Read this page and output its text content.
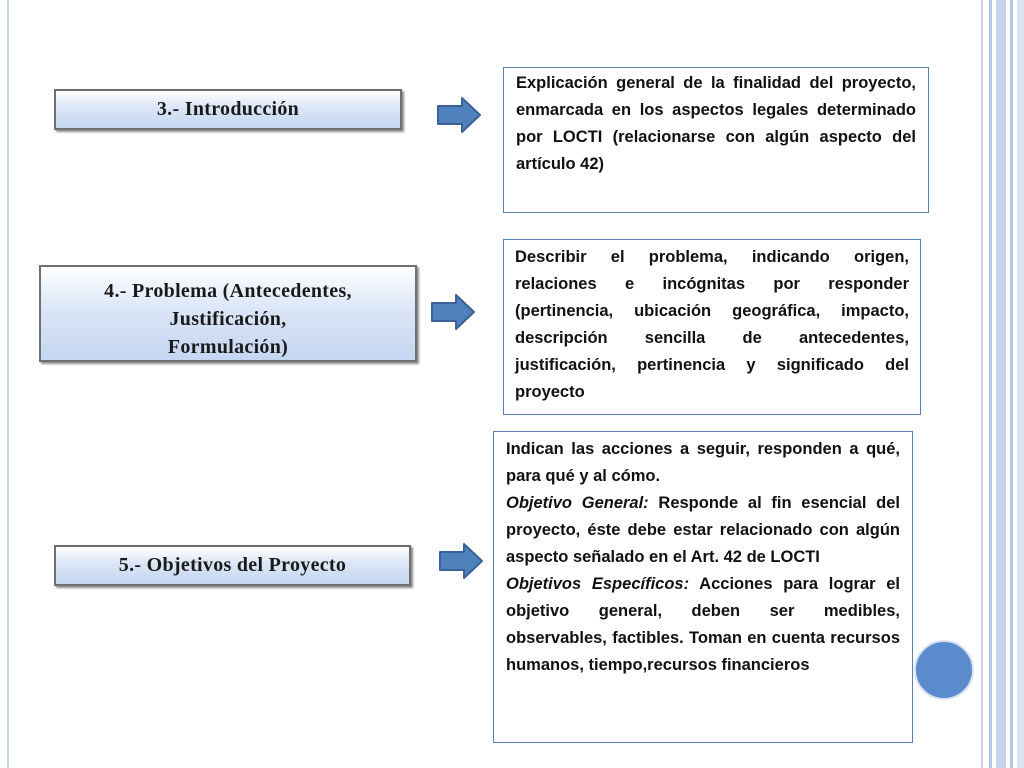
3.- Introducción

Explicación general de la finalidad del proyecto, enmarcada en los aspectos legales determinado por LOCTI (relacionarse con algún aspecto del artículo 42)

4.- Problema (Antecedentes,
Justificación,
Formulación)

Describir el problema, indicando origen, relaciones e incógnitas por responder (pertinencia, ubicación geográfica, impacto, descripción sencilla de antecedentes, justificación, pertinencia y significado del proyecto

5.- Objetivos del Proyecto

Indican las acciones a seguir, responden a qué, para qué y al cómo.

Objetivo General: Responde al fin esencial del proyecto, éste debe estar relacionado con algún aspecto señalado en el Art. 42 de LOCTI

Objetivos Específicos: Acciones para lograr el objetivo general, deben ser medibles, observables, factibles. Toman en cuenta recursos humanos, tiempo,recursos financieros
